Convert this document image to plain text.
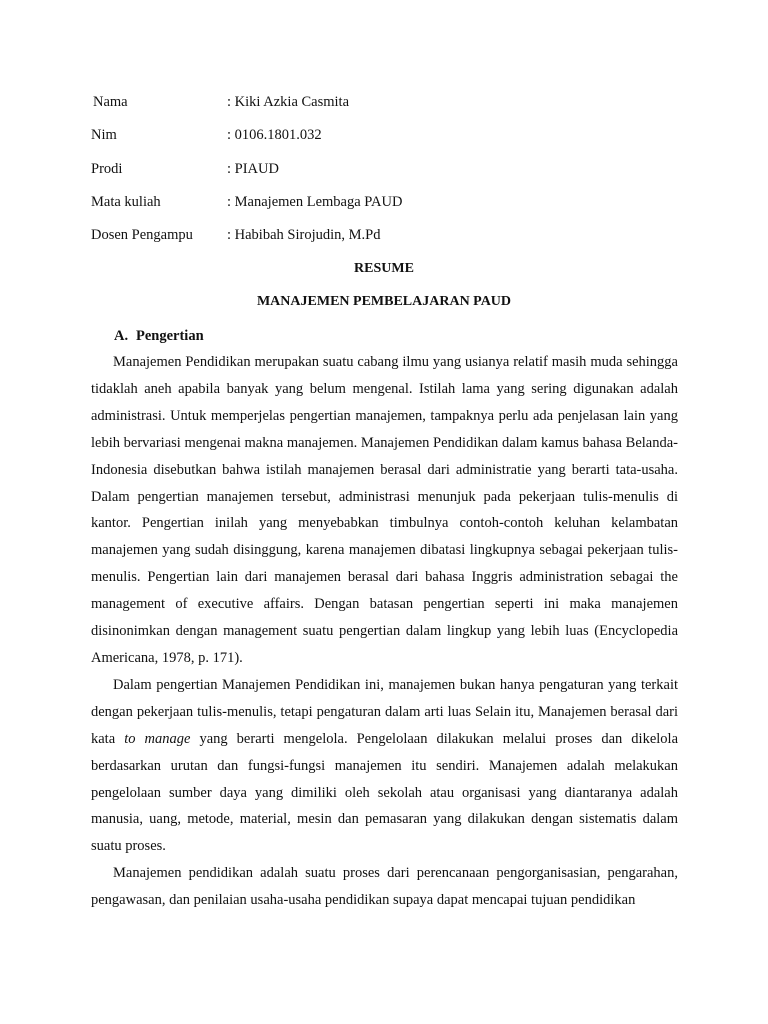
Nama	: Kiki Azkia Casmita
Nim	: 0106.1801.032
Prodi	: PIAUD
Mata kuliah	: Manajemen Lembaga PAUD
Dosen Pengampu : Habibah Sirojudin, M.Pd
RESUME
MANAJEMEN PEMBELAJARAN PAUD
A. Pengertian

Manajemen Pendidikan merupakan suatu cabang ilmu yang usianya relatif masih muda sehingga tidaklah aneh apabila banyak yang belum mengenal. Istilah lama yang sering digunakan adalah administrasi. Untuk memperjelas pengertian manajemen, tampaknya perlu ada penjelasan lain yang lebih bervariasi mengenai makna manajemen. Manajemen Pendidikan dalam kamus bahasa Belanda-Indonesia disebutkan bahwa istilah manajemen berasal dari administratie yang berarti tata-usaha. Dalam pengertian manajemen tersebut, administrasi menunjuk pada pekerjaan tulis-menulis di kantor. Pengertian inilah yang menyebabkan timbulnya contoh-contoh keluhan kelambatan manajemen yang sudah disinggung, karena manajemen dibatasi lingkupnya sebagai pekerjaan tulis-menulis. Pengertian lain dari manajemen berasal dari bahasa Inggris administration sebagai the management of executive affairs. Dengan batasan pengertian seperti ini maka manajemen disinonimkan dengan management suatu pengertian dalam lingkup yang lebih luas (Encyclopedia Americana, 1978, p. 171).

Dalam pengertian Manajemen Pendidikan ini, manajemen bukan hanya pengaturan yang terkait dengan pekerjaan tulis-menulis, tetapi pengaturan dalam arti luas Selain itu, Manajemen berasal dari kata to manage yang berarti mengelola. Pengelolaan dilakukan melalui proses dan dikelola berdasarkan urutan dan fungsi-fungsi manajemen itu sendiri. Manajemen adalah melakukan pengelolaan sumber daya yang dimiliki oleh sekolah atau organisasi yang diantaranya adalah manusia, uang, metode, material, mesin dan pemasaran yang dilakukan dengan sistematis dalam suatu proses.

Manajemen pendidikan adalah suatu proses dari perencanaan pengorganisasian, pengarahan, pengawasan, dan penilaian usaha-usaha pendidikan supaya dapat mencapai tujuan pendidikan
